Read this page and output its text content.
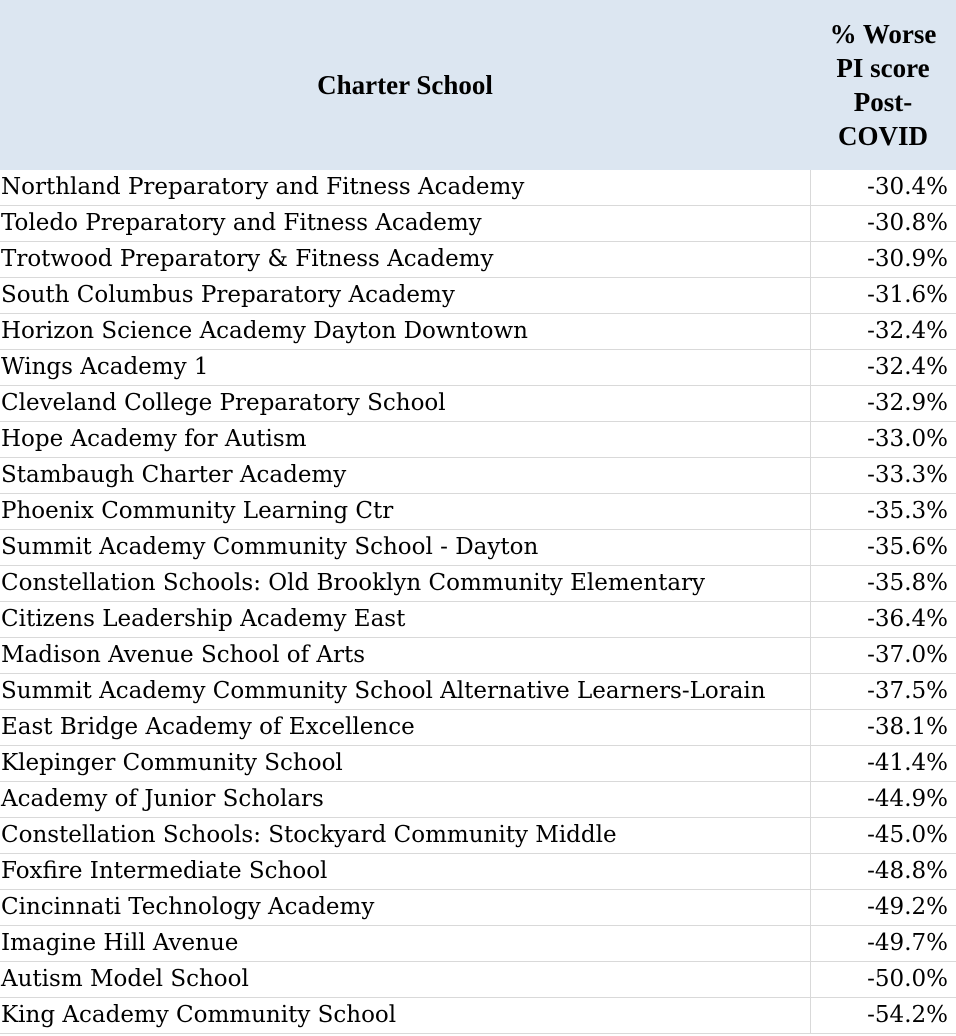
Charter School	% Worse PI score Post-COVID
Northland Preparatory and Fitness Academy	-30.4%
Toledo Preparatory and Fitness Academy	-30.8%
Trotwood Preparatory & Fitness Academy	-30.9%
South Columbus Preparatory Academy	-31.6%
Horizon Science Academy Dayton Downtown	-32.4%
Wings Academy 1	-32.4%
Cleveland College Preparatory School	-32.9%
Hope Academy for Autism	-33.0%
Stambaugh Charter Academy	-33.3%
Phoenix Community Learning Ctr	-35.3%
Summit Academy Community School - Dayton	-35.6%
Constellation Schools: Old Brooklyn Community Elementary	-35.8%
Citizens Leadership Academy East	-36.4%
Madison Avenue School of Arts	-37.0%
Summit Academy Community School Alternative Learners-Lorain	-37.5%
East Bridge Academy of Excellence	-38.1%
Klepinger Community School	-41.4%
Academy of Junior Scholars	-44.9%
Constellation Schools: Stockyard Community Middle	-45.0%
Foxfire Intermediate School	-48.8%
Cincinnati Technology Academy	-49.2%
Imagine Hill Avenue	-49.7%
Autism Model School	-50.0%
King Academy Community School	-54.2%
